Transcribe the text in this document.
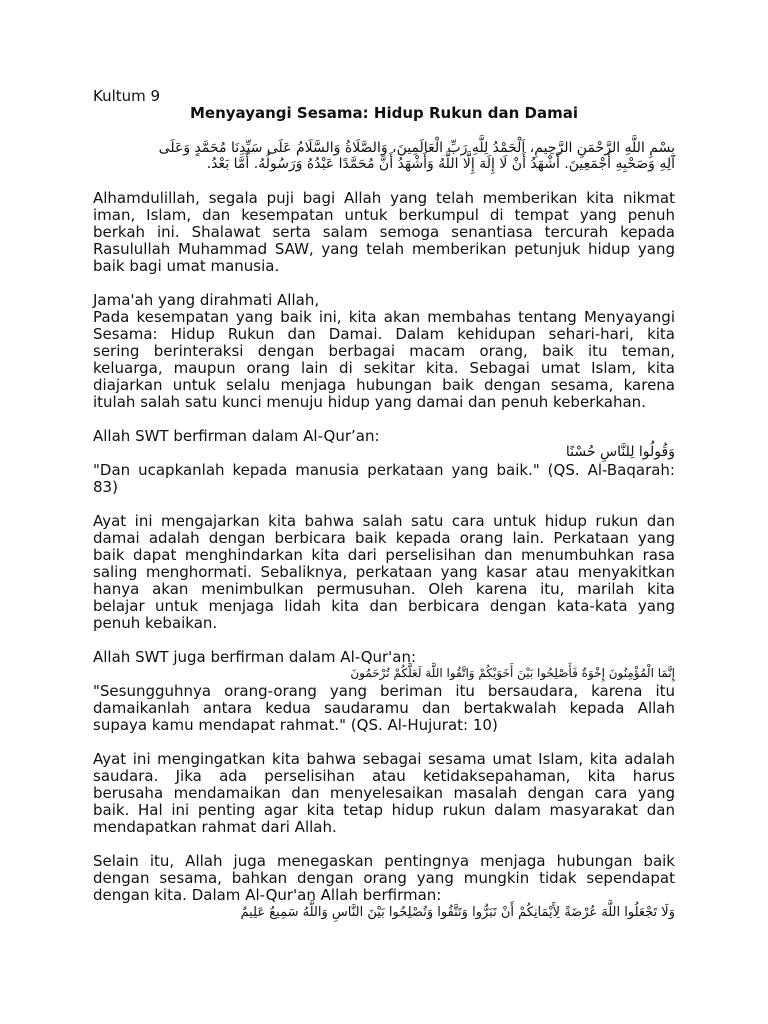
Kultum 9
Menyayangi Sesama: Hidup Rukun dan Damai
بِسْمِ اللَّهِ الرَّحْمَنِ الرَّحِيمِ، اَلْحَمْدُ لِلَّهِ رَبِّ الْعَالَمِينَ، وَالصَّلَاةُ وَالسَّلَامُ عَلَى سَيِّدِنَا مُحَمَّدٍ وَعَلَى
آلِهِ وَصَحْبِهِ أَجْمَعِينَ. أَشْهَدُ أَنْ لَا إِلَهَ إِلَّا اللَّهُ وَأَشْهَدُ أَنَّ مُحَمَّدًا عَبْدُهُ وَرَسُولُهُ. أَمَّا بَعْدُ.
Alhamdulillah, segala puji bagi Allah yang telah memberikan kita nikmat
iman, Islam, dan kesempatan untuk berkumpul di tempat yang penuh
berkah ini. Shalawat serta salam semoga senantiasa tercurah kepada
Rasulullah Muhammad SAW, yang telah memberikan petunjuk hidup yang
baik bagi umat manusia.
Jama'ah yang dirahmati Allah,
Pada kesempatan yang baik ini, kita akan membahas tentang Menyayangi
Sesama: Hidup Rukun dan Damai. Dalam kehidupan sehari-hari, kita
sering berinteraksi dengan berbagai macam orang, baik itu teman,
keluarga, maupun orang lain di sekitar kita. Sebagai umat Islam, kita
diajarkan untuk selalu menjaga hubungan baik dengan sesama, karena
itulah salah satu kunci menuju hidup yang damai dan penuh keberkahan.
Allah SWT berfirman dalam Al-Qur’an:
وَقُولُوا لِلنَّاسِ حُسْنًا
"Dan ucapkanlah kepada manusia perkataan yang baik." (QS. Al-Baqarah:
83)
Ayat ini mengajarkan kita bahwa salah satu cara untuk hidup rukun dan
damai adalah dengan berbicara baik kepada orang lain. Perkataan yang
baik dapat menghindarkan kita dari perselisihan dan menumbuhkan rasa
saling menghormati. Sebaliknya, perkataan yang kasar atau menyakitkan
hanya akan menimbulkan permusuhan. Oleh karena itu, marilah kita
belajar untuk menjaga lidah kita dan berbicara dengan kata-kata yang
penuh kebaikan.
Allah SWT juga berfirman dalam Al-Qur'an:
إِنَّمَا الْمُؤْمِنُونَ إِخْوَةٌ فَأَصْلِحُوا بَيْنَ أَخَوَيْكُمْ وَاتَّقُوا اللَّهَ لَعَلَّكُمْ تُرْحَمُونَ
"Sesungguhnya orang-orang yang beriman itu bersaudara, karena itu
damaikanlah antara kedua saudaramu dan bertakwalah kepada Allah
supaya kamu mendapat rahmat." (QS. Al-Hujurat: 10)
Ayat ini mengingatkan kita bahwa sebagai sesama umat Islam, kita adalah
saudara. Jika ada perselisihan atau ketidaksepahaman, kita harus
berusaha mendamaikan dan menyelesaikan masalah dengan cara yang
baik. Hal ini penting agar kita tetap hidup rukun dalam masyarakat dan
mendapatkan rahmat dari Allah.
Selain itu, Allah juga menegaskan pentingnya menjaga hubungan baik
dengan sesama, bahkan dengan orang yang mungkin tidak sependapat
dengan kita. Dalam Al-Qur'an Allah berfirman:
وَلَا تَجْعَلُوا اللَّهَ عُرْضَةً لِأَيْمَانِكُمْ أَنْ تَبَرُّوا وَتَتَّقُوا وَتُصْلِحُوا بَيْنَ النَّاسِ وَاللَّهُ سَمِيعٌ عَلِيمٌ
